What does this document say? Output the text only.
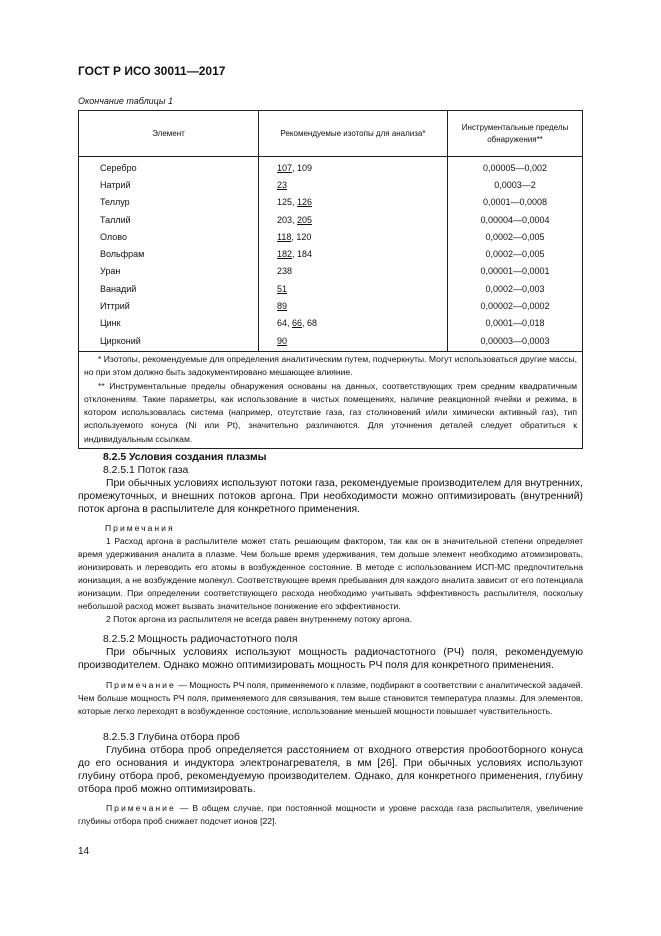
ГОСТ Р ИСО 30011—2017
Окончание таблицы 1
Элемент	Рекомендуемые изотопы для анализа*	Инструментальные пределы обнаружения**
Серебро	107, 109	0,00005—0,002
Натрий	23	0,0003—2
Теллур	125, 126	0,0001—0,0008
Таллий	203, 205	0,00004—0,0004
Олово	118, 120	0,0002—0,005
Вольфрам	182, 184	0,0002—0,005
Уран	238	0,00001—0,0001
Ванадий	51	0,0002—0,003
Иттрий	89	0,00002—0,0002
Цинк	64, 66, 68	0,0001—0,018
Цирконий	90	0,00003—0,0003

* Изотопы, рекомендуемые для определения аналитическим путем, подчеркнуты. Могут использоваться другие массы, но при этом должно быть задокументировано мешающее влияние.

** Инструментальные пределы обнаружения основаны на данных, соответствующих трем средним квадратичным отклонениям. Такие параметры, как использование в чистых помещениях, наличие реакционной ячейки и режима, в котором использовалась система (например, отсутствие газа, газ столкновений и/или химически активный газ), тип используемого конуса (Ni или Pt), значительно различаются. Для уточнения деталей следует обратиться к индивидуальным ссылкам.

8.2.5 Условия создания плазмы
8.2.5.1 Поток газа

При обычных условиях используют потоки газа, рекомендуемые производителем для внутренних, промежуточных, и внешних потоков аргона. При необходимости можно оптимизировать (внутренний) поток аргона в распылителе для конкретного применения.

Примечания

1 Расход аргона в распылителе может стать решающим фактором, так как он в значительной степени определяет время удерживания аналита в плазме. Чем больше время удерживания, тем дольше элемент необходимо атомизировать, ионизировать и переводить его атомы в возбужденное состояние. В методе с использованием ИСП-МС предпочтительна ионизация, а не возбуждение молекул. Соответствующее время пребывания для каждого аналита зависит от его потенциала ионизации. При определении соответствующего расхода необходимо учитывать эффективность распылителя, поскольку небольшой расход может вызвать значительное понижение его эффективности.

2 Поток аргона из распылителя не всегда равен внутреннему потоку аргона.

8.2.5.2 Мощность радиочастотного поля

При обычных условиях используют мощность радиочастотного (РЧ) поля, рекомендуемую производителем. Однако можно оптимизировать мощность РЧ поля для конкретного применения.

Примечание — Мощность РЧ поля, применяемого к плазме, подбирают в соответствии с аналитической задачей. Чем больше мощность РЧ поля, применяемого для связывания, тем выше становится температура плазмы. Для элементов, которые легко переходят в возбужденное состояние, использование меньшей мощности повышает чувствительность.

8.2.5.3 Глубина отбора проб

Глубина отбора проб определяется расстоянием от входного отверстия пробоотборного конуса до его основания и индуктора электронагревателя, в мм [26]. При обычных условиях используют глубину отбора проб, рекомендуемую производителем. Однако, для конкретного применения, глубину отбора проб можно оптимизировать.

Примечание — В общем случае, при постоянной мощности и уровне расхода газа распылителя, увеличение глубины отбора проб снижает подсчет ионов [22].

14
